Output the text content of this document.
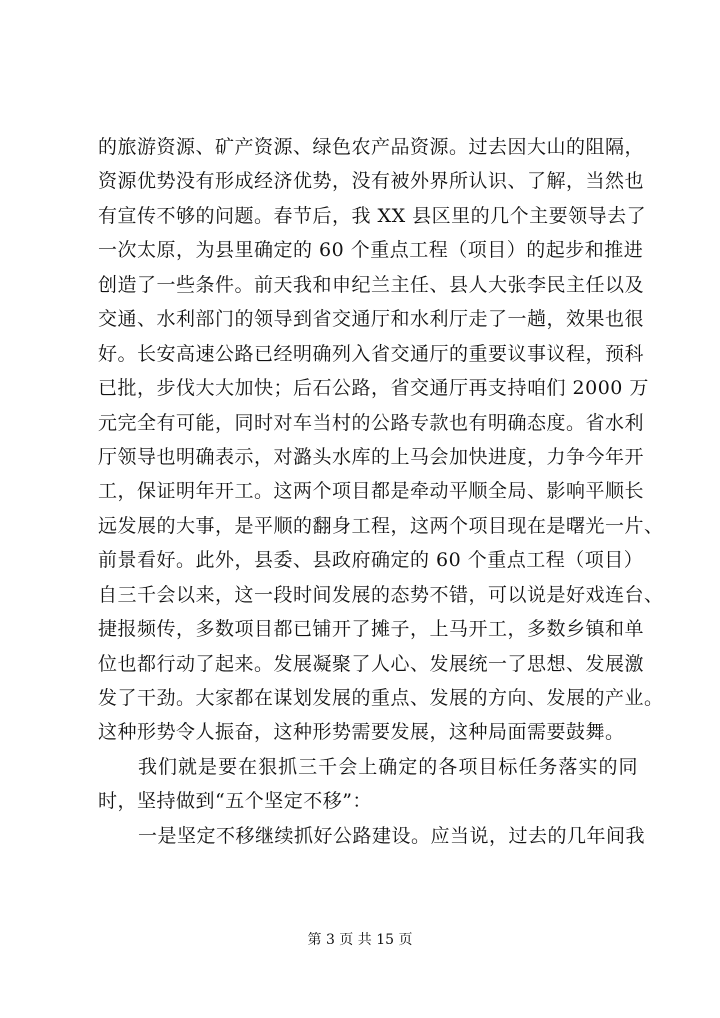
的旅游资源、矿产资源、绿色农产品资源。过去因大山的阻隔，
资源优势没有形成经济优势，没有被外界所认识、了解，当然也
有宣传不够的问题。春节后，我 XX 县区里的几个主要领导去了
一次太原，为县里确定的 60 个重点工程（项目）的起步和推进
创造了一些条件。前天我和申纪兰主任、县人大张李民主任以及
交通、水利部门的领导到省交通厅和水利厅走了一趟，效果也很
好。长安高速公路已经明确列入省交通厅的重要议事议程，预科
已批，步伐大大加快；后石公路，省交通厅再支持咱们 2000 万
元完全有可能，同时对车当村的公路专款也有明确态度。省水利
厅领导也明确表示，对潞头水库的上马会加快进度，力争今年开
工，保证明年开工。这两个项目都是牵动平顺全局、影响平顺长
远发展的大事，是平顺的翻身工程，这两个项目现在是曙光一片、
前景看好。此外，县委、县政府确定的 60 个重点工程（项目）
自三千会以来，这一段时间发展的态势不错，可以说是好戏连台、
捷报频传，多数项目都已铺开了摊子，上马开工，多数乡镇和单
位也都行动了起来。发展凝聚了人心、发展统一了思想、发展激
发了干劲。大家都在谋划发展的重点、发展的方向、发展的产业。
这种形势令人振奋，这种形势需要发展，这种局面需要鼓舞。
我们就是要在狠抓三千会上确定的各项目标任务落实的同
时，坚持做到“五个坚定不移”：
一是坚定不移继续抓好公路建设。应当说，过去的几年间我
第 3 页 共 15 页
